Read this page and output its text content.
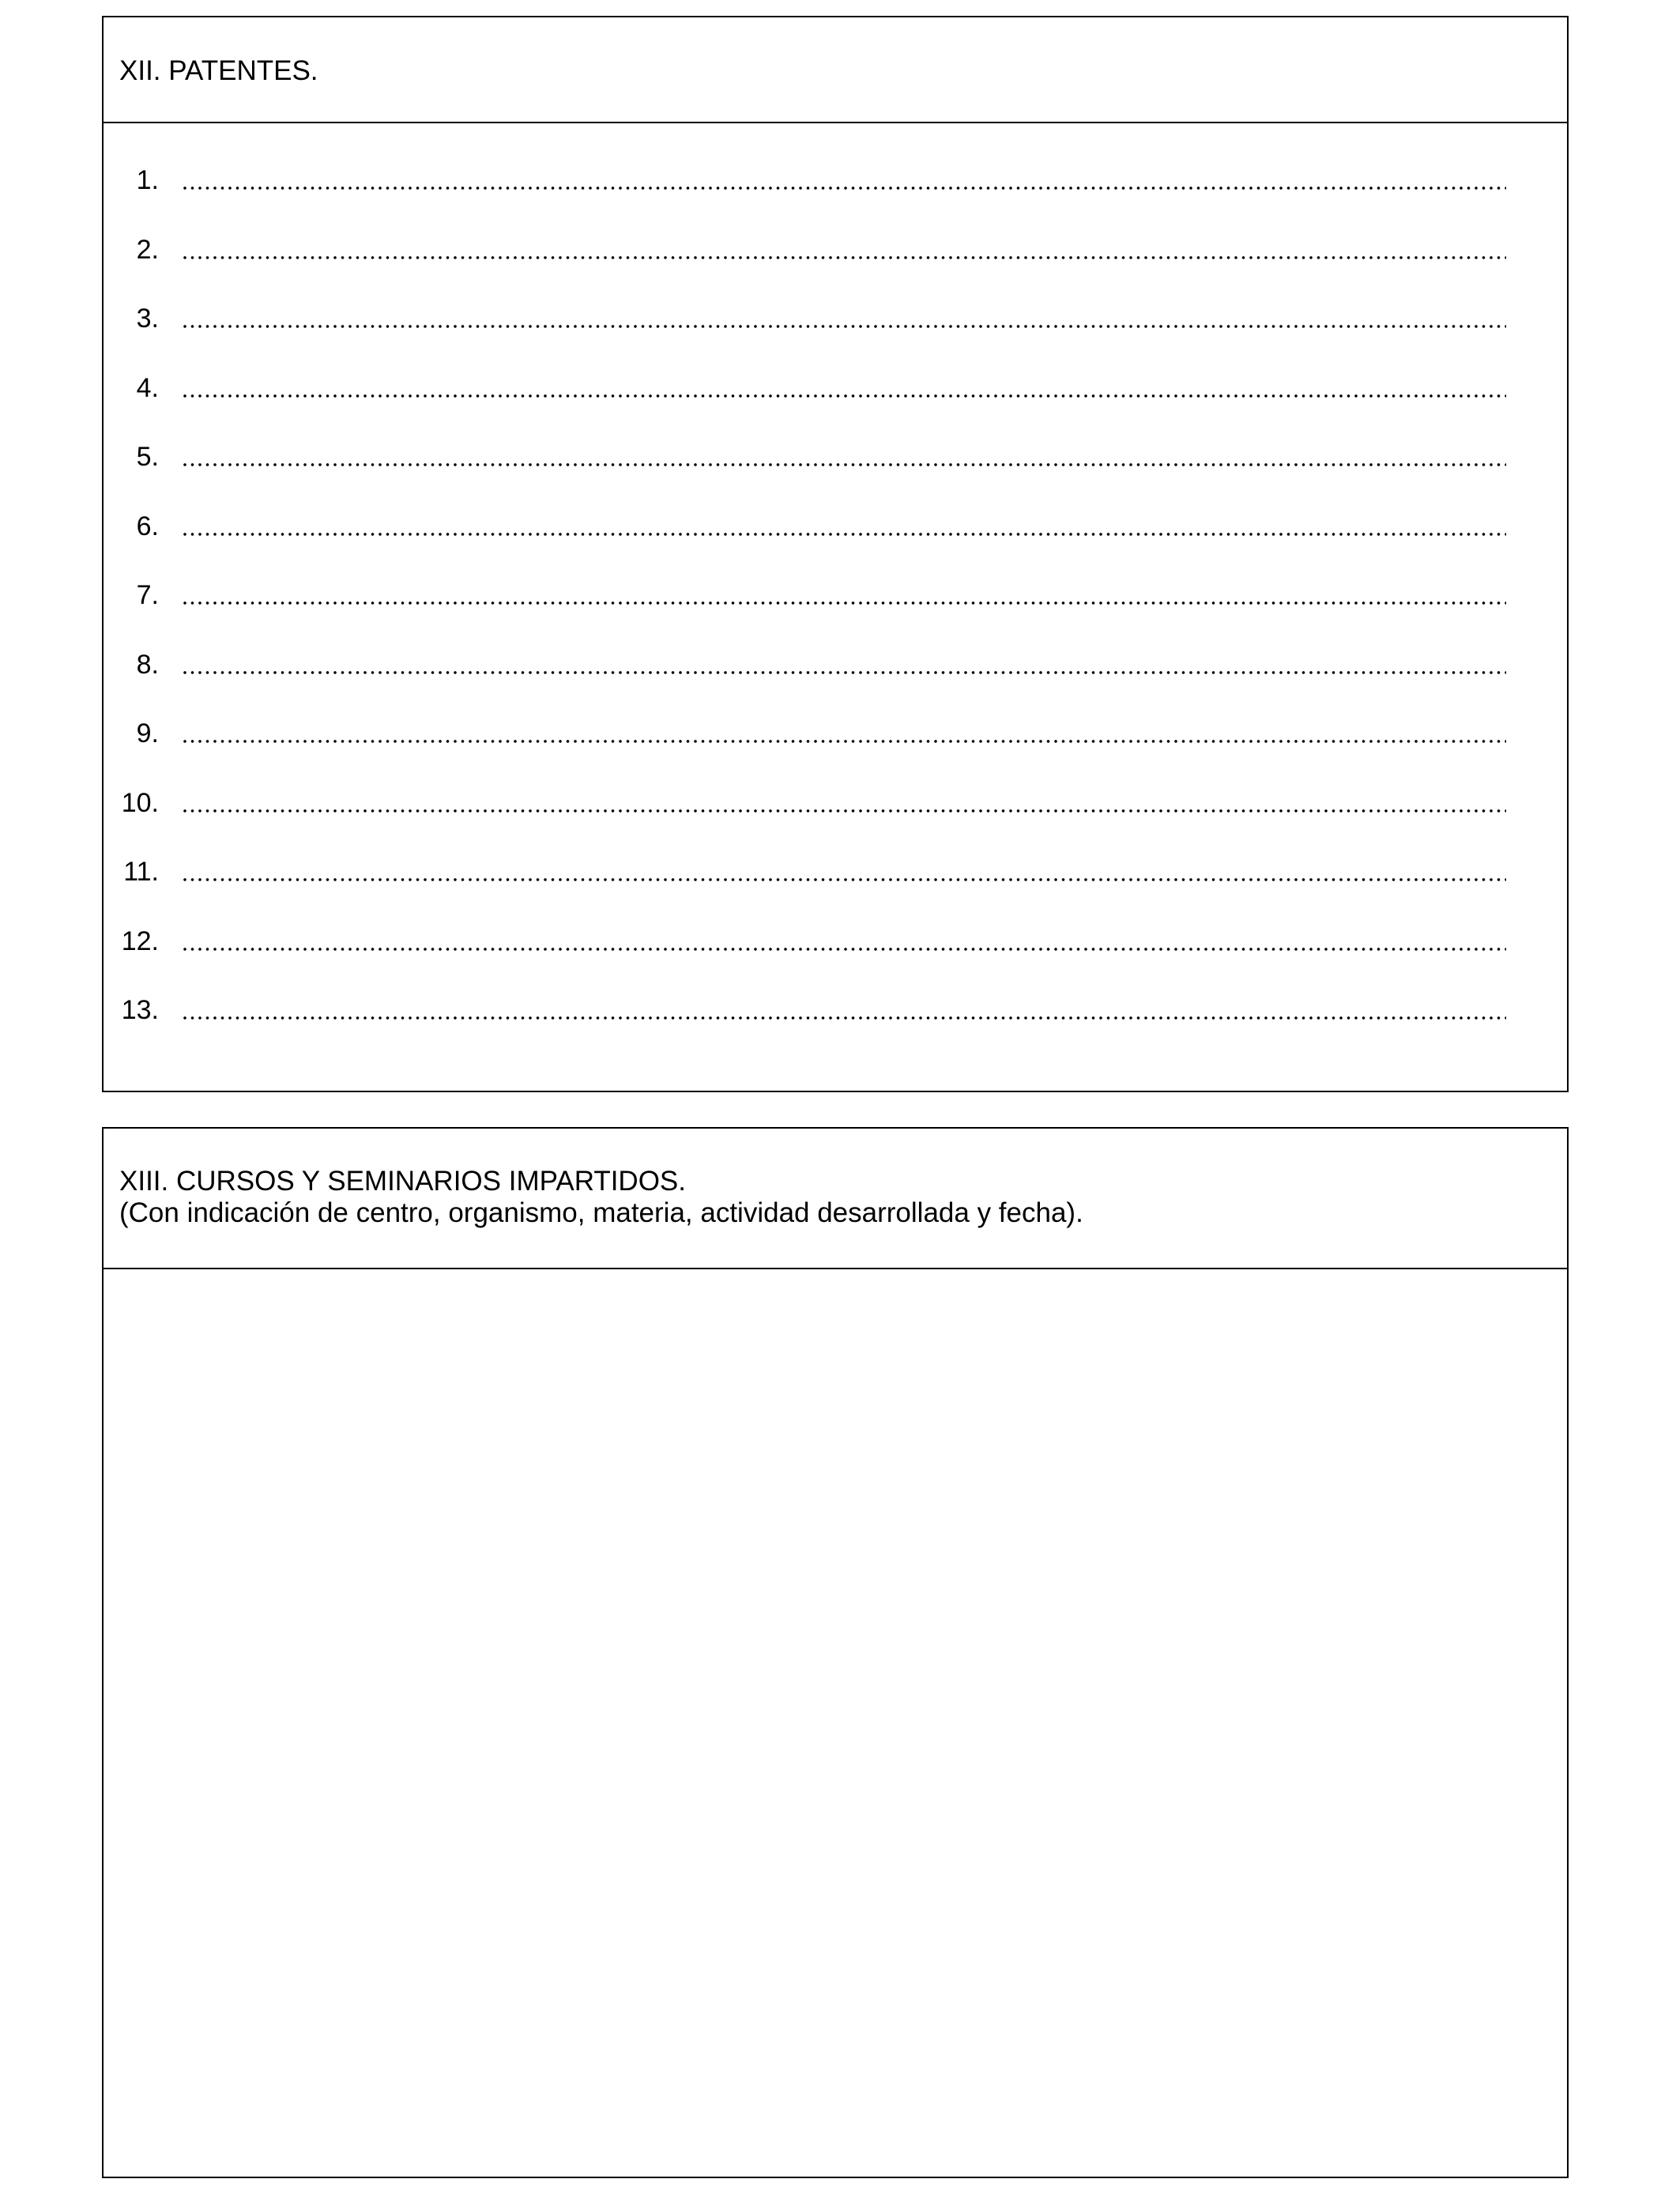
XII. PATENTES.
1.
2.
3.
4.
5.
6.
7.
8.
9.
10.
11.
12.
13.
XIII. CURSOS Y SEMINARIOS IMPARTIDOS.
(Con indicación de centro, organismo, materia, actividad desarrollada y fecha).
